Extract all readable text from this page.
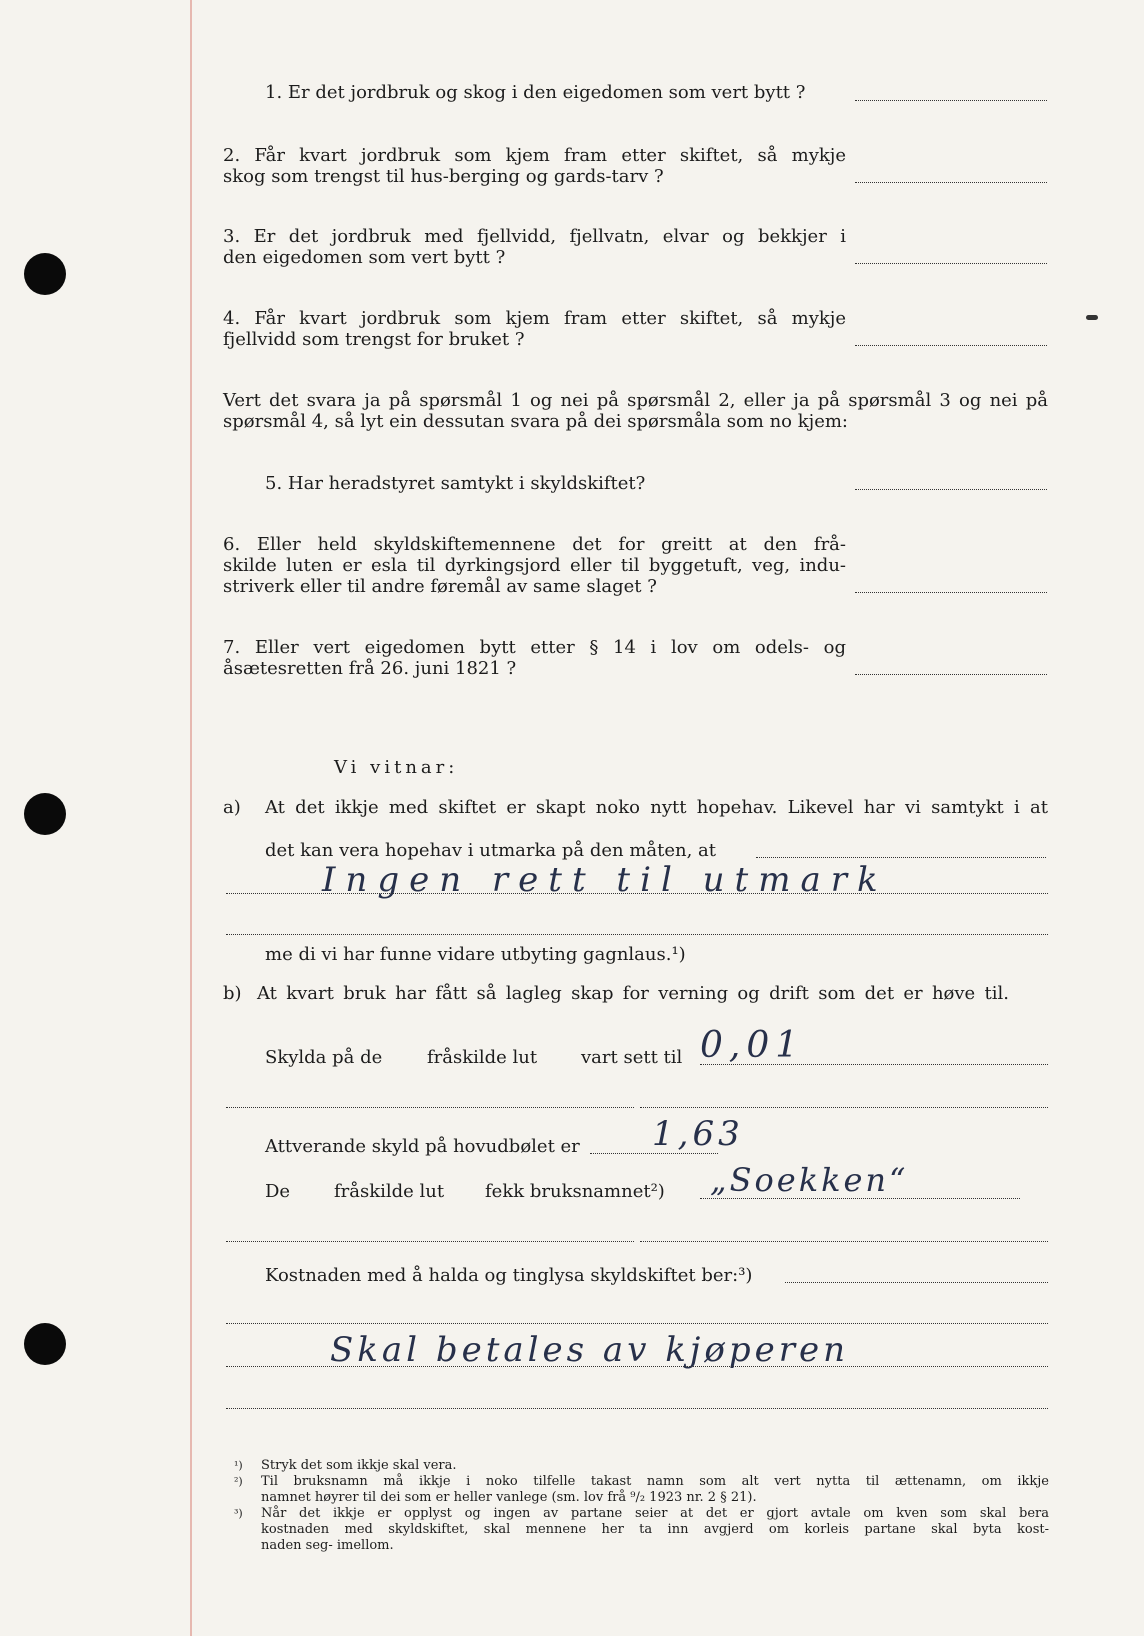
1. Er det jordbruk og skog i den eigedomen som vert bytt ?
2. Får kvart jordbruk som kjem fram etter skiftet, så mykje
skog som trengst til hus-berging og gards-tarv ?
3. Er det jordbruk med fjellvidd, fjellvatn, elvar og bekkjer i
den eigedomen som vert bytt ?
4. Får kvart jordbruk som kjem fram etter skiftet, så mykje
fjellvidd som trengst for bruket ?
Vert det svara ja på spørsmål 1 og nei på spørsmål 2, eller ja på spørsmål 3 og nei på
spørsmål 4, så lyt ein dessutan svara på dei spørsmåla som no kjem:
5. Har heradstyret samtykt i skyldskiftet?
6. Eller held skyldskiftemennene det for greitt at den frå-
skilde luten er esla til dyrkingsjord eller til byggetuft, veg, indu-
striverk eller til andre føremål av same slaget ?
7. Eller vert eigedomen bytt etter § 14 i lov om odels- og
åsætesretten frå 26. juni 1821 ?
Vi vitnar:
a) At det ikkje med skiftet er skapt noko nytt hopehav. Likevel har vi samtykt i at
det kan vera hopehav i utmarka på den måten, at
Ingen rett til utmark
me di vi har funne vidare utbyting gagnlaus.¹)
b) At kvart bruk har fått så lagleg skap for verning og drift som det er høve til.
Skylda på de fråskilde lut vart sett til 0,01
Attverande skyld på hovudbølet er 1,63
De fråskilde lut fekk bruksnamnet²) „Soekken“
Kostnaden med å halda og tinglysa skyldskiftet ber:³)
Skal betales av kjøperen
¹) Stryk det som ikkje skal vera.
²) Til bruksnamn må ikkje i noko tilfelle takast namn som alt vert nytta til ættenamn, om ikkje
namnet høyrer til dei som er heller vanlege (sm. lov frå ⁹/₂ 1923 nr. 2 § 21).
³) Når det ikkje er opplyst og ingen av partane seier at det er gjort avtale om kven som skal bera
kostnaden med skyldskiftet, skal mennene her ta inn avgjerd om korleis partane skal byta kost-
naden seg- imellom.
